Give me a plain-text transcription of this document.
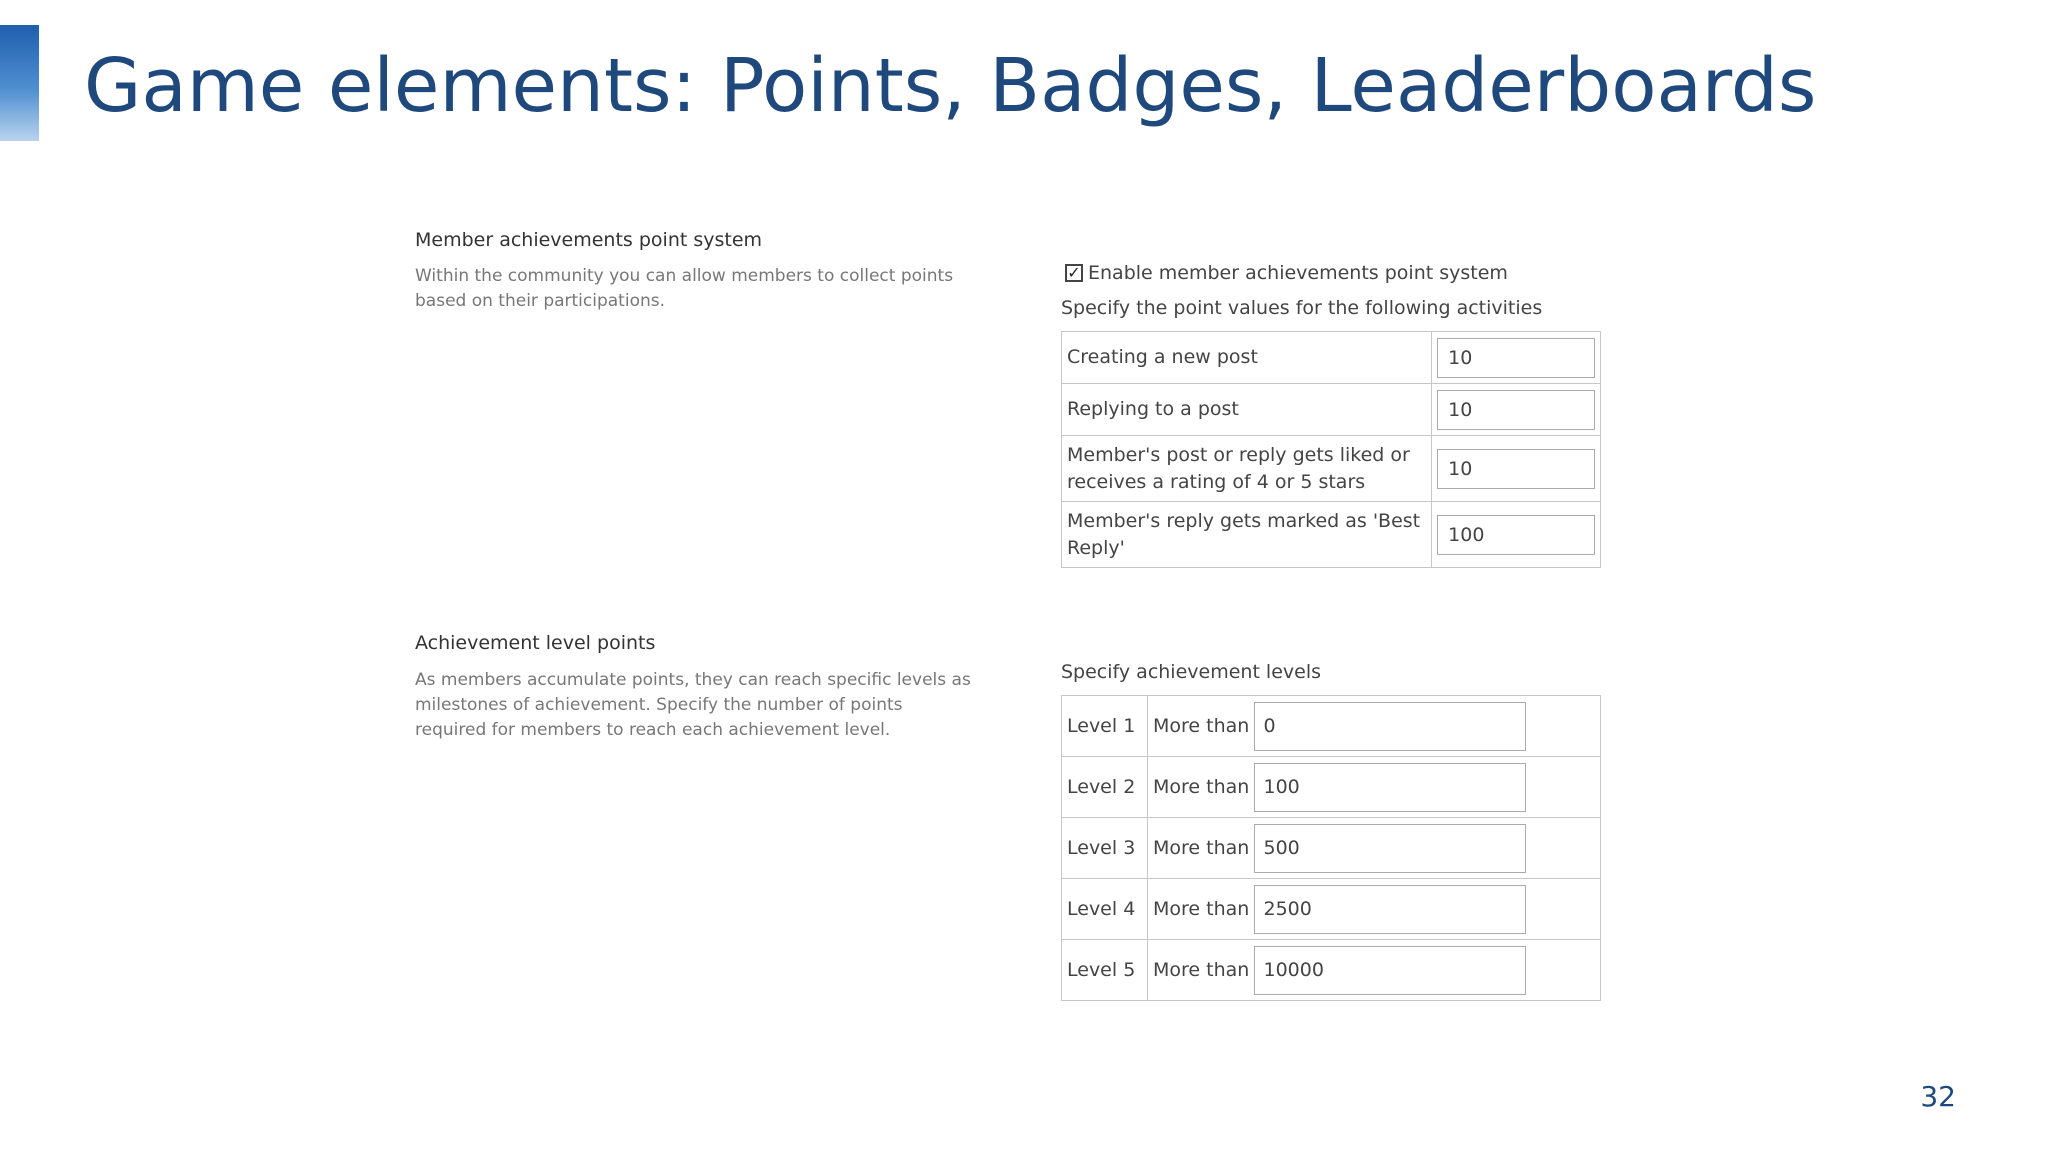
Game elements: Points, Badges, Leaderboards
Member achievements point system

Within the community you can allow members to collect points based on their participations.

✓ Enable member achievements point system

Specify the point values for the following activities

Creating a new post	10

Replying to a post	10

Member's post or reply gets liked or receives a rating of 4 or 5 stars	10

Member's reply gets marked as 'Best Reply'	100
Achievement level points

As members accumulate points, they can reach specific levels as milestones of achievement. Specify the number of points required for members to reach each achievement level.

Specify achievement levels

Level 1	More than	0	

Level 2	More than	100	

Level 3	More than	500	

Level 4	More than	2500	

Level 5	More than	10000	

32
